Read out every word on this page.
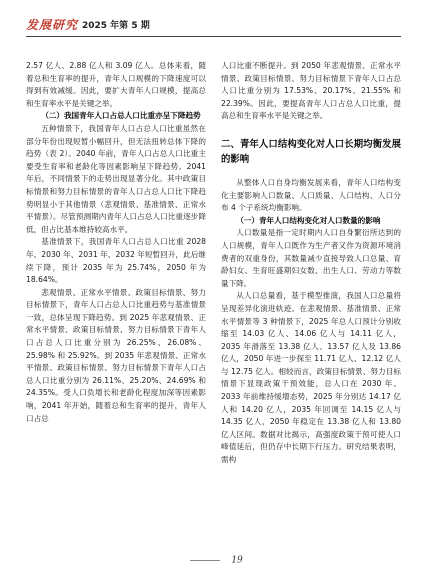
发展研究 2025 年第 5 期

2.57 亿人、2.88 亿人和 3.09 亿人。总体来看，随着总和生育率的提升，青年人口规模的下降速度可以得到有效减缓。因此，要扩大青年人口规模，提高总和生育率水平是关键之举。

（二）我国青年人口占总人口比重亦呈下降趋势

五种情景下，我国青年人口占总人口比重虽然在部分年份出现短暂小幅回升，但无法扭转总体下降的趋势（表 2）。2040 年前，青年人口占总人口比重主要受生育率和老龄化等因素影响呈下降趋势。2041 年后，不同情景下的走势出现显著分化。其中政策目标情景和努力目标情景的青年人口占总人口比下降趋势明显小于其他情景（悲观情景、基准情景、正常水平情景）。尽管预测期内青年人口占总人口比重逐步降低，但占比基本维持较高水平。

基准情景下，我国青年人口占总人口比重 2028 年、2030 年、2031 年、2032 年短暂回升，此后继续下降，预计 2035 年为 25.74%，2050 年为 18.64%。

悲观情景、正常水平情景、政策目标情景、努力目标情景下，青年人口占总人口比重趋势与基准情景一致，总体呈现下降趋势。到 2025 年悲观情景、正常水平情景、政策目标情景、努力目标情景下青年人口占总人口比重分别为 26.25%、26.08%、25.98% 和 25.92%。到 2035 年悲观情景、正常水平情景、政策目标情景、努力目标情景下青年人口占总人口比重分别为 26.11%、25.20%、24.69% 和 24.35%。受人口负增长和老龄化程度加深等因素影响，2041 年开始，随着总和生育率的提升，青年人口占总

人口比重不断提升。到 2050 年悲观情景、正常水平情景、政策目标情景、努力目标情景下青年人口占总人口比重分别为 17.53%、20.17%、21.55% 和 22.39%。因此，要提高青年人口占总人口比重，提高总和生育率水平是关键之举。

二、青年人口结构变化对人口长期均衡发展的影响

从整体人口自身均衡发展来看，青年人口结构变化主要影响人口数量、人口质量、人口结构、人口分布 4 个子系统均衡影响。

（一）青年人口结构变化对人口数量的影响

人口数量是指一定时期内人口自身繁衍所达到的人口规模，青年人口既作为生产者又作为资源环境消费者的双重身份，其数量减少直接导致人口总量、育龄妇女、生育旺盛期妇女数、出生人口、劳动力等数量下降。

从人口总量看，基于模型推演，我国人口总量将呈现差异化演进轨迹。在悲观情景、基准情景、正常水平情景等 3 种情景下，2025 年总人口预计分别收缩至 14.03 亿人、14.06 亿人与 14.11 亿人，2035 年滑落至 13.38 亿人、13.57 亿人及 13.86 亿人，2050 年进一步探至 11.71 亿人、12.12 亿人与 12.75 亿人。相较而言，政策目标情景、努力目标情景下显现政策干预效能，总人口在 2030 年、2033 年前维持缓增态势，2025 年分别达 14.17 亿人和 14.20 亿人，2035 年回调至 14.15 亿人与 14.35 亿人，2050 年稳定在 13.38 亿人和 13.80 亿人区间。数据对比揭示，高强度政策干预可使人口峰值延后，但仍存中长期下行压力。研究结果表明，需构

19
